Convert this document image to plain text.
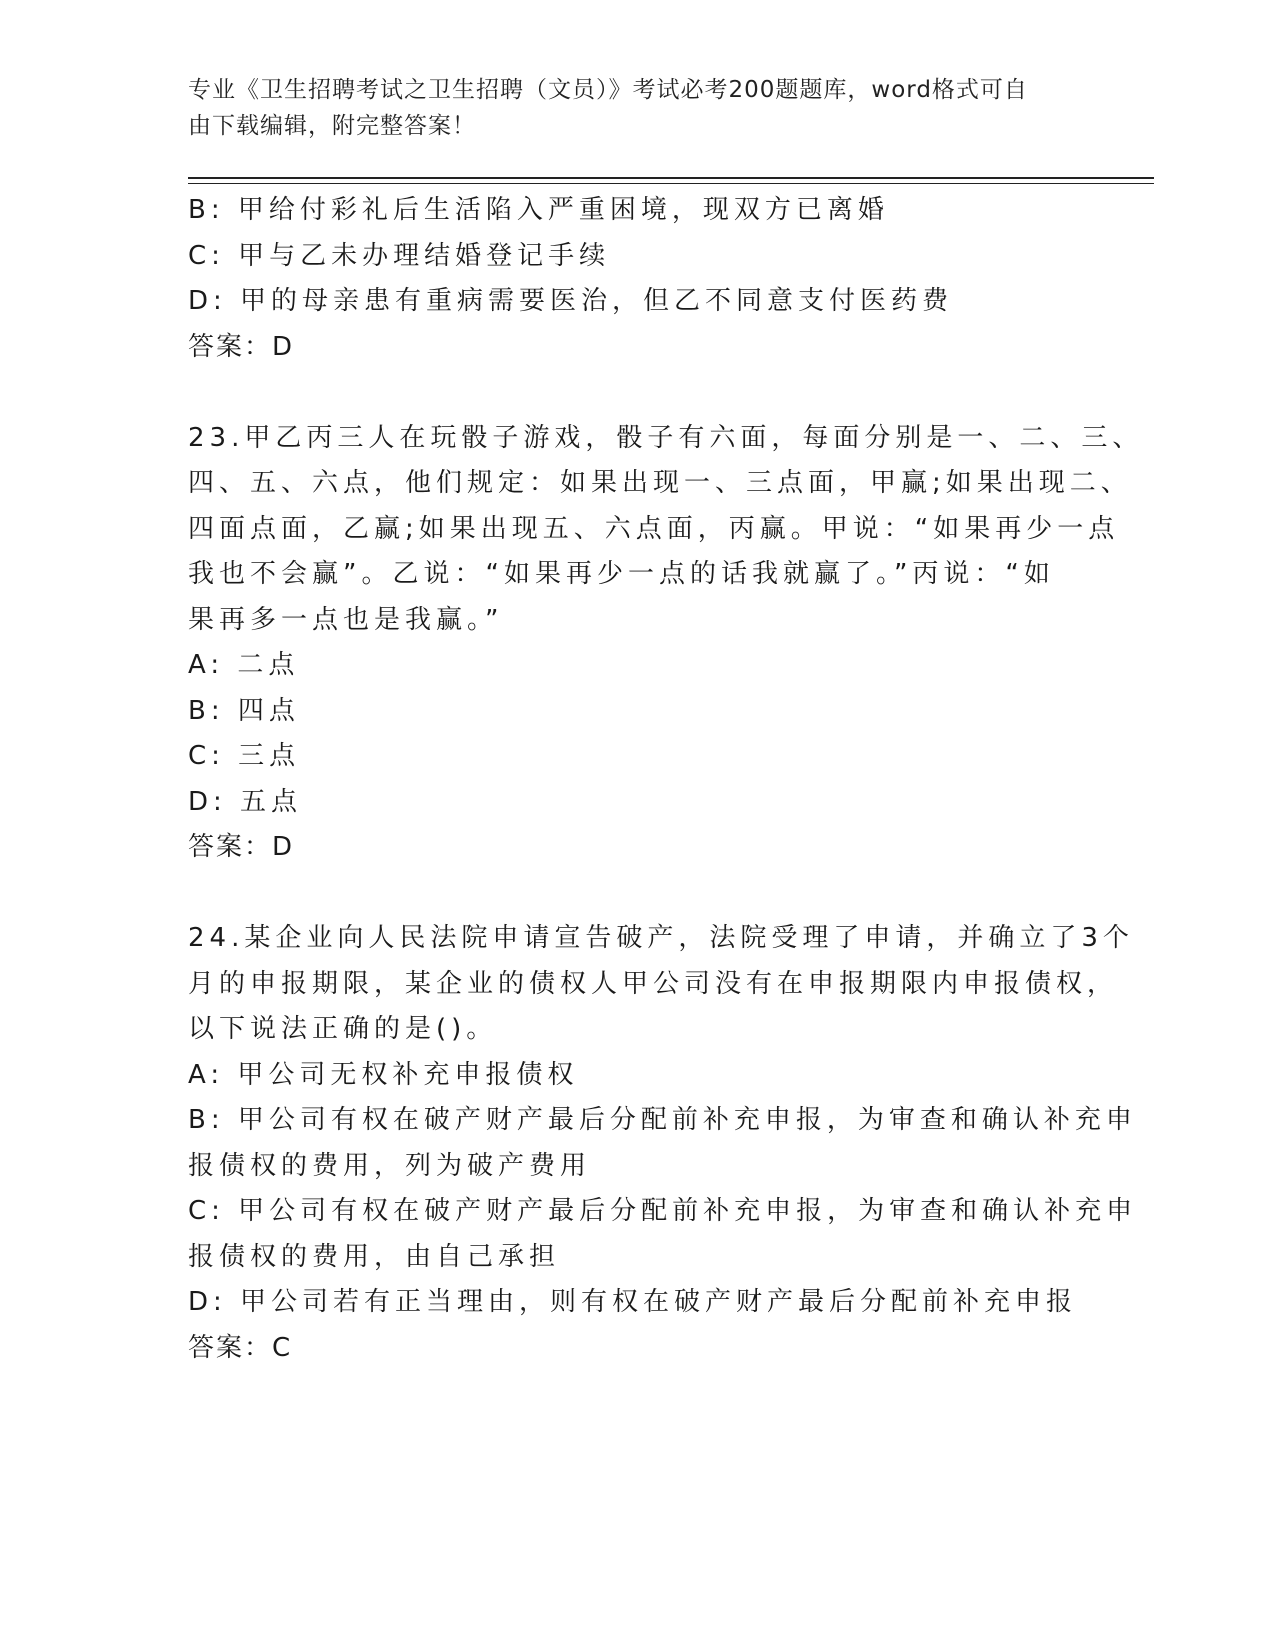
专业《卫生招聘考试之卫生招聘（文员）》考试必考200题题库，word格式可自
由下载编辑，附完整答案！
B: 甲给付彩礼后生活陷入严重困境，现双方已离婚
C: 甲与乙未办理结婚登记手续
D: 甲的母亲患有重病需要医治，但乙不同意支付医药费
答案：D
23.甲乙丙三人在玩骰子游戏，骰子有六面，每面分别是一、二、三、
四、五、六点，他们规定：如果出现一、三点面，甲赢;如果出现二、
四面点面，乙赢;如果出现五、六点面，丙赢。甲说：“如果再少一点
我也不会赢”。乙说：“如果再少一点的话我就赢了。”丙说：“如
果再多一点也是我赢。”
A: 二点
B: 四点
C: 三点
D: 五点
答案：D
24.某企业向人民法院申请宣告破产，法院受理了申请，并确立了3个
月的申报期限，某企业的债权人甲公司没有在申报期限内申报债权，
以下说法正确的是()。
A: 甲公司无权补充申报债权
B: 甲公司有权在破产财产最后分配前补充申报，为审查和确认补充申
报债权的费用，列为破产费用
C: 甲公司有权在破产财产最后分配前补充申报，为审查和确认补充申
报债权的费用，由自己承担
D: 甲公司若有正当理由，则有权在破产财产最后分配前补充申报
答案：C
